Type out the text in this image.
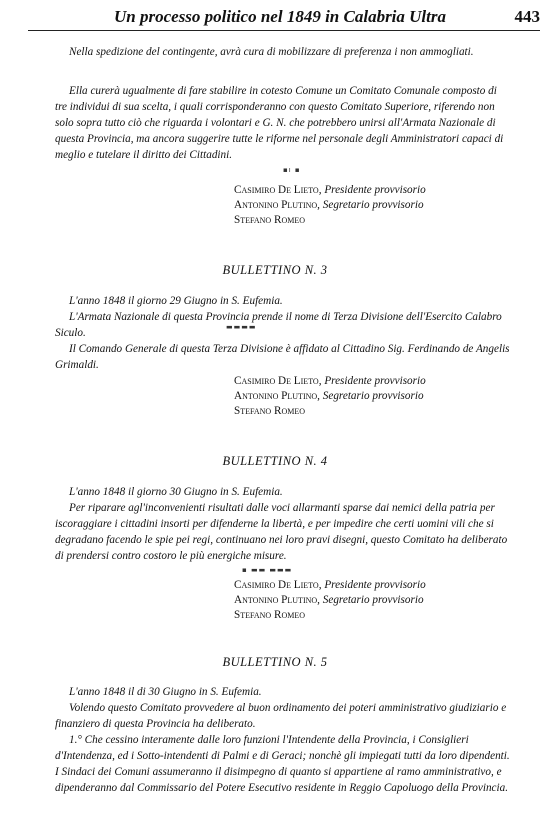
Un processo politico nel 1849 in Calabria Ultra	443

Nella spedizione del contingente, avrà cura di mobilizzare di preferenza i non ammogliati.

Ella curerà ugualmente di fare stabilire in cotesto Comune un Comitato Comunale composto di tre individui di sua scelta, i quali corrisponderanno con questo Comitato Superiore, riferendo non solo sopra tutto ciò che riguarda i volontari e G. N. che potrebbero unirsi all'Armata Nazionale di questa Provincia, ma ancora suggerire tutte le riforme nel personale degli Amministratori capaci di meglio e tutelare il diritto dei Cittadini.

▪ı ▪
Casimiro De Lieto, Presidente provvisorio
Antonino Plutino, Segretario provvisorio
Stefano Romeo
BULLETTINO N. 3

L'anno 1848 il giorno 29 Giugno in S. Eufemia.

L'Armata Nazionale di questa Provincia prende il nome di Terza Divisione dell'Esercito Calabro Siculo.	▬▬▬▬

Il Comando Generale di questa Terza Divisione è affidato al Cittadino Sig. Ferdinando de Angelis Grimaldi.

Casimiro De Lieto, Presidente provvisorio
Antonino Plutino, Segretario provvisorio
Stefano Romeo
BULLETTINO N. 4

L'anno 1848 il giorno 30 Giugno in S. Eufemia.

Per riparare agl'inconvenienti risultati dalle voci allarmanti sparse dai nemici della patria per iscoraggiare i cittadini insorti per difenderne la libertà, e per impedire che certi uomini vili che si degradano facendo le spie pei regi, continuano nei loro pravi disegni, questo Comitato ha deliberato di prendersi contro costoro le più energiche misure.

▪ ▬▬ ▬▬▬
Casimiro De Lieto, Presidente provvisorio
Antonino Plutino, Segretario provvisorio
Stefano Romeo
BULLETTINO N. 5

L'anno 1848 il di 30 Giugno in S. Eufemia.

Volendo questo Comitato provvedere al buon ordinamento dei poteri amministrativo giudiziario e finanziero di questa Provincia ha deliberato.

1.° Che cessino interamente dalle loro funzioni l'Intendente della Provincia, i Consiglieri d'Intendenza, ed i Sotto-intendenti di Palmi e di Geraci; nonchè gli impiegati tutti da loro dipendenti. I Sindaci dei Comuni assumeranno il disimpegno di quanto si appartiene al ramo amministrativo, e dipenderanno dal Commissario del Potere Esecutivo residente in Reggio Capoluogo della Provincia.
